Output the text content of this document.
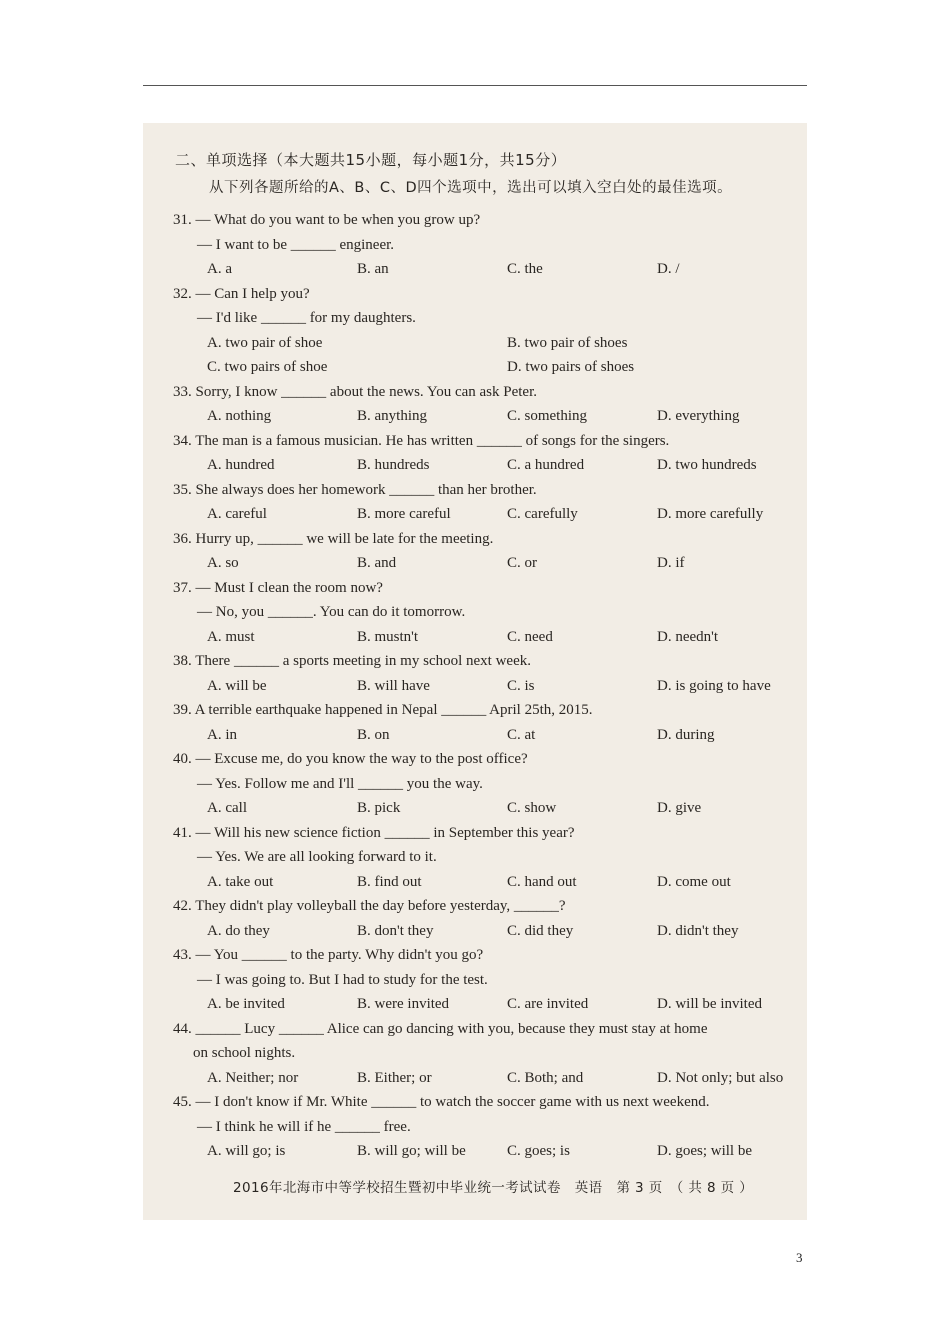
二、单项选择（本大题共15小题，每小题1分，共15分）
从下列各题所给的A、B、C、D四个选项中，选出可以填入空白处的最佳选项。
31. — What do you want to be when you grow up?
— I want to be ______ engineer.
A. a	B. an	C. the	D. /
32. — Can I help you?
— I'd like ______ for my daughters.
A. two pair of shoe	B. two pair of shoes
C. two pairs of shoe	D. two pairs of shoes
33. Sorry, I know ______ about the news. You can ask Peter.
A. nothing	B. anything	C. something	D. everything
34. The man is a famous musician. He has written ______ of songs for the singers.
A. hundred	B. hundreds	C. a hundred	D. two hundreds
35. She always does her homework ______ than her brother.
A. careful	B. more careful	C. carefully	D. more carefully
36. Hurry up, ______ we will be late for the meeting.
A. so	B. and	C. or	D. if
37. — Must I clean the room now?
— No, you ______. You can do it tomorrow.
A. must	B. mustn't	C. need	D. needn't
38. There ______ a sports meeting in my school next week.
A. will be	B. will have	C. is	D. is going to have
39. A terrible earthquake happened in Nepal ______ April 25th, 2015.
A. in	B. on	C. at	D. during
40. — Excuse me, do you know the way to the post office?
— Yes. Follow me and I'll ______ you the way.
A. call	B. pick	C. show	D. give
41. — Will his new science fiction ______ in September this year?
— Yes. We are all looking forward to it.
A. take out	B. find out	C. hand out	D. come out
42. They didn't play volleyball the day before yesterday, ______?
A. do they	B. don't they	C. did they	D. didn't they
43. — You ______ to the party. Why didn't you go?
— I was going to. But I had to study for the test.
A. be invited	B. were invited	C. are invited	D. will be invited
44. ______ Lucy ______ Alice can go dancing with you, because they must stay at home
on school nights.
A. Neither; nor	B. Either; or	C. Both; and	D. Not only; but also
45. — I don't know if Mr. White ______ to watch the soccer game with us next weekend.
— I think he will if he ______ free.
A. will go; is	B. will go; will be	C. goes; is	D. goes; will be
2016年北海市中等学校招生暨初中毕业统一考试试卷　英语　第 3 页　（ 共 8 页 ）
3
